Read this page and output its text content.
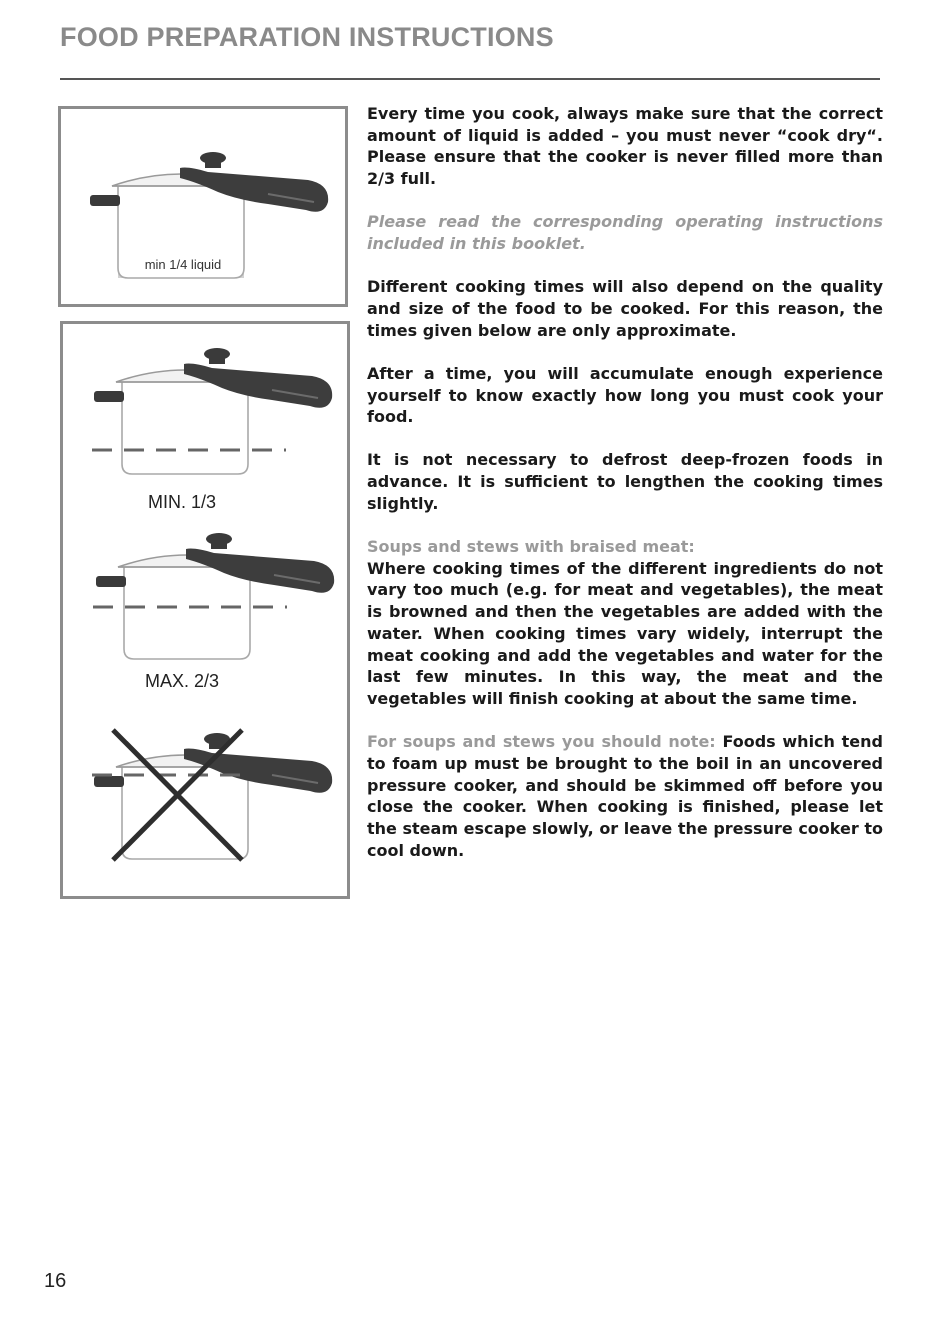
FOOD PREPARATION INSTRUCTIONS
min 1/4 liquid
MIN. 1/3
MAX. 2/3

Every time you cook, always make sure that the correct amount of liquid is added – you must never “cook dry“. Please ensure that the cooker is never filled more than 2/3 full.

Please read the corresponding operating instructions included in this booklet.

Different cooking times will also depend on the quality and size of the food to be cooked. For this reason, the times given below are only approximate.

After a time, you will accumulate enough experience yourself to know exactly how long you must cook your food.

It is not necessary to defrost deep-frozen foods in advance. It is sufficient to lengthen the cooking times slightly.

Soups and stews with braised meat:
Where cooking times of the different ingredients do not vary too much (e.g. for meat and vegetables), the meat is browned and then the vegetables are added with the water. When cooking times vary widely, interrupt the meat cooking and add the vegetables and water for the last few minutes. In this way, the meat and the vegetables will finish cooking at about the same time.

For soups and stews you should note: Foods which tend to foam up must be brought to the boil in an uncovered pressure cooker, and should be skimmed off before you close the cooker. When cooking is finished, please let the steam escape slowly, or leave the pressure cooker to cool down.

16
